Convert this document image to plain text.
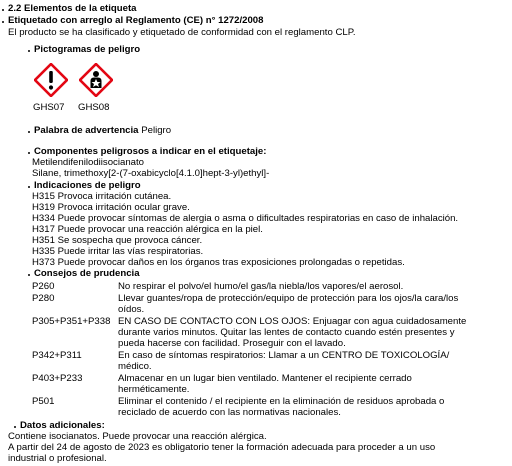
2.2 Elementos de la etiqueta
Etiquetado con arreglo al Reglamento (CE) n° 1272/2008
El producto se ha clasificado y etiquetado de conformidad con el reglamento CLP.
Pictogramas de peligro
GHS07 GHS08
Palabra de advertencia Peligro
Componentes peligrosos a indicar en el etiquetaje:
Metilendifenilodiisocianato
Silane, trimethoxy[2-(7-oxabicyclo[4.1.0]hept-3-yl)ethyl]-
Indicaciones de peligro
H315 Provoca irritación cutánea.
H319 Provoca irritación ocular grave.
H334 Puede provocar síntomas de alergia o asma o dificultades respiratorias en caso de inhalación.
H317 Puede provocar una reacción alérgica en la piel.
H351 Se sospecha que provoca cáncer.
H335 Puede irritar las vías respiratorias.
H373 Puede provocar daños en los órganos tras exposiciones prolongadas o repetidas.
Consejos de prudencia
P260	No respirar el polvo/el humo/el gas/la niebla/los vapores/el aerosol.
P280	Llevar guantes/ropa de protección/equipo de protección para los ojos/la cara/los
oídos.
P305+P351+P338 EN CASO DE CONTACTO CON LOS OJOS: Enjuagar con agua cuidadosamente
durante varios minutos. Quitar las lentes de contacto cuando estén presentes y
pueda hacerse con facilidad. Proseguir con el lavado.
P342+P311	En caso de síntomas respiratorios: Llamar a un CENTRO DE TOXICOLOGÍA/
médico.
P403+P233	Almacenar en un lugar bien ventilado. Mantener el recipiente cerrado
herméticamente.
P501	Eliminar el contenido / el recipiente en la eliminación de residuos aprobada o
reciclado de acuerdo con las normativas nacionales.
Datos adicionales:
Contiene isocianatos. Puede provocar una reacción alérgica.
A partir del 24 de agosto de 2023 es obligatorio tener la formación adecuada para proceder a un uso
industrial o profesional.
